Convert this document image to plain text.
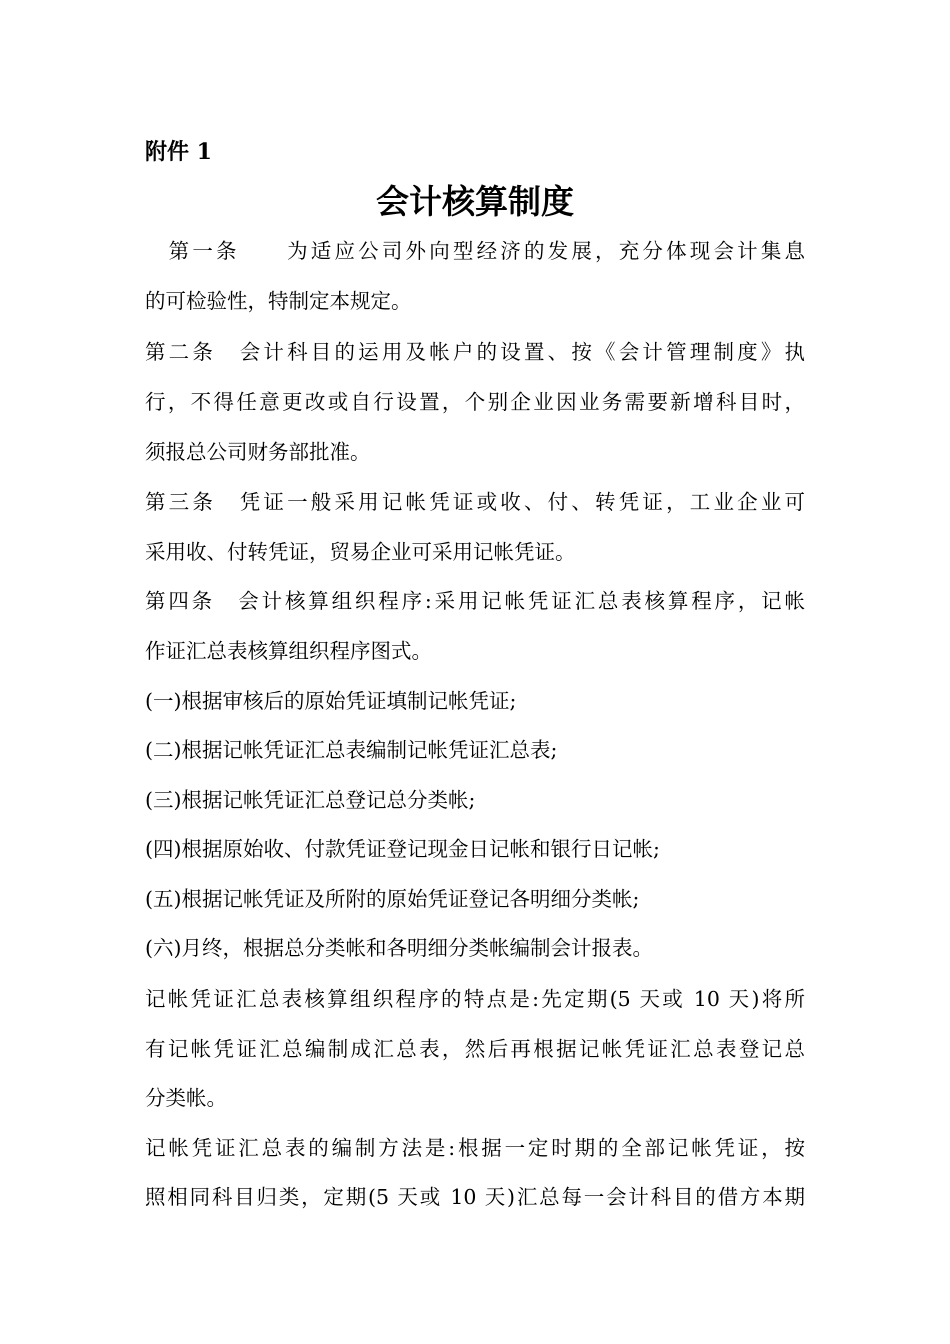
附件 1
会计核算制度
　第一条　　为适应公司外向型经济的发展，充分体现会计集息
的可检验性，特制定本规定。
第二条　会计科目的运用及帐户的设置、按《会计管理制度》执
行，不得任意更改或自行设置，个别企业因业务需要新增科目时，
须报总公司财务部批准。
第三条　凭证一般采用记帐凭证或收、付、转凭证，工业企业可
采用收、付转凭证，贸易企业可采用记帐凭证。
第四条　会计核算组织程序:采用记帐凭证汇总表核算程序，记帐
作证汇总表核算组织程序图式。
(一)根据审核后的原始凭证填制记帐凭证;
(二)根据记帐凭证汇总表编制记帐凭证汇总表;
(三)根据记帐凭证汇总登记总分类帐;
(四)根据原始收、付款凭证登记现金日记帐和银行日记帐;
(五)根据记帐凭证及所附的原始凭证登记各明细分类帐;
(六)月终，根据总分类帐和各明细分类帐编制会计报表。
记帐凭证汇总表核算组织程序的特点是:先定期(5 天或 10 天)将所
有记帐凭证汇总编制成汇总表，然后再根据记帐凭证汇总表登记总
分类帐。
记帐凭证汇总表的编制方法是:根据一定时期的全部记帐凭证，按
照相同科目归类，定期(5 天或 10 天)汇总每一会计科目的借方本期
